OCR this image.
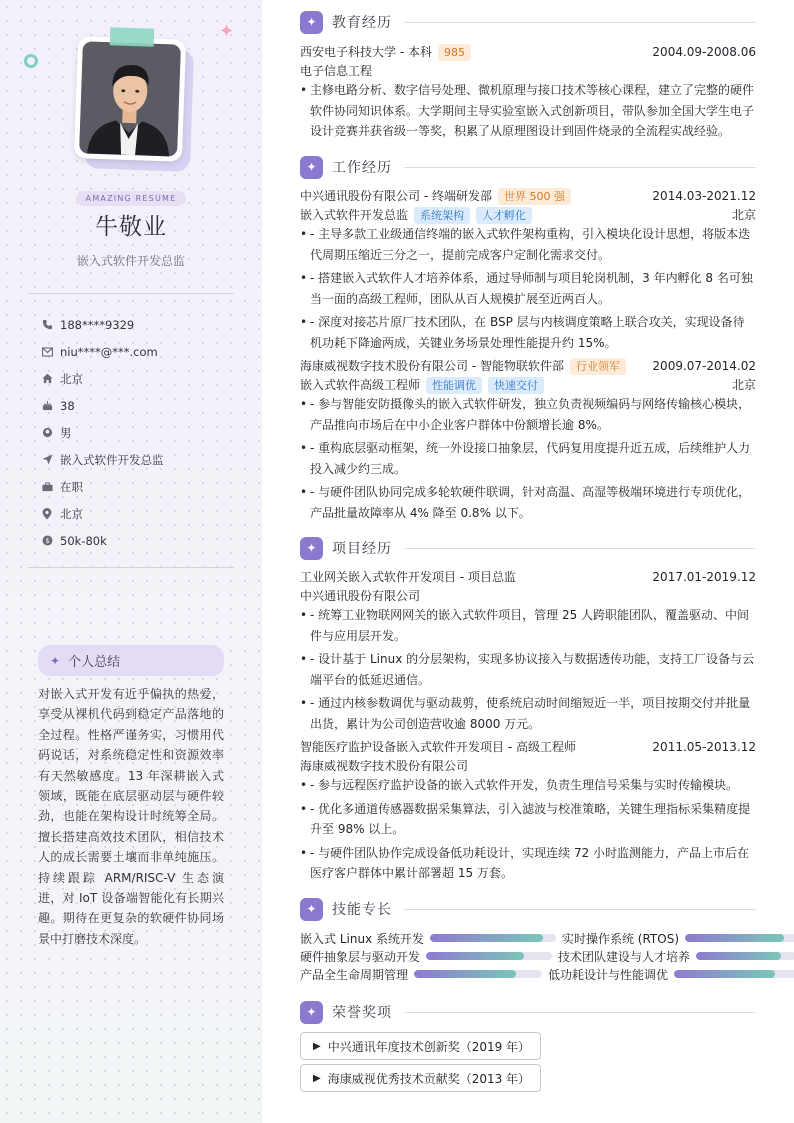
✦
AMAZING RESUME
牛敬业
嵌入式软件开发总监
188****9329
niu****@***.com
北京
38
男
嵌入式软件开发总监
在职
北京
$ 50k-80k
✦ 个人总结
对嵌入式开发有近乎偏执的热爱，享受从裸机代码到稳定产品落地的全过程。性格严谨务实，习惯用代码说话，对系统稳定性和资源效率有天然敏感度。13 年深耕嵌入式领域，既能在底层驱动层与硬件较劲，也能在架构设计时统筹全局。擅长搭建高效技术团队，相信技术人的成长需要土壤而非单纯施压。持续跟踪 ARM/RISC-V 生态演进，对 IoT 设备端智能化有长期兴趣。期待在更复杂的软硬件协同场景中打磨技术深度。
✦	教育经历
西安电子科技大学 - 本科 985	2004.09-2008.06
电子信息工程
• 主修电路分析、数字信号处理、微机原理与接口技术等核心课程，建立了完整的硬件软件协同知识体系。大学期间主导实验室嵌入式创新项目，带队参加全国大学生电子设计竞赛并获省级一等奖，积累了从原理图设计到固件烧录的全流程实战经验。
✦	工作经历
中兴通讯股份有限公司 - 终端研发部 世界 500 强	2014.03-2021.12
嵌入式软件开发总监 系统架构 人才孵化	北京
• - 主导多款工业级通信终端的嵌入式软件架构重构，引入模块化设计思想，将版本迭代周期压缩近三分之一，提前完成客户定制化需求交付。
• - 搭建嵌入式软件人才培养体系，通过导师制与项目轮岗机制，3 年内孵化 8 名可独当一面的高级工程师，团队从百人规模扩展至近两百人。
• - 深度对接芯片原厂技术团队，在 BSP 层与内核调度策略上联合攻关，实现设备待机功耗下降逾两成，关键业务场景处理性能提升约 15%。
海康威视数字技术股份有限公司 - 智能物联软件部 行业领军	2009.07-2014.02
嵌入式软件高级工程师 性能调优 快速交付	北京
• - 参与智能安防摄像头的嵌入式软件研发，独立负责视频编码与网络传输核心模块，产品推向市场后在中小企业客户群体中份额增长逾 8%。
• - 重构底层驱动框架，统一外设接口抽象层，代码复用度提升近五成，后续维护人力投入减少约三成。
• - 与硬件团队协同完成多轮软硬件联调，针对高温、高湿等极端环境进行专项优化，产品批量故障率从 4% 降至 0.8% 以下。
✦	项目经历
工业网关嵌入式软件开发项目 - 项目总监	2017.01-2019.12
中兴通讯股份有限公司
• - 统筹工业物联网网关的嵌入式软件项目，管理 25 人跨职能团队，覆盖驱动、中间件与应用层开发。
• - 设计基于 Linux 的分层架构，实现多协议接入与数据透传功能，支持工厂设备与云端平台的低延迟通信。
• - 通过内核参数调优与驱动裁剪，使系统启动时间缩短近一半，项目按期交付并批量出货，累计为公司创造营收逾 8000 万元。
智能医疗监护设备嵌入式软件开发项目 - 高级工程师	2011.05-2013.12
海康威视数字技术股份有限公司
• - 参与远程医疗监护设备的嵌入式软件开发，负责生理信号采集与实时传输模块。
• - 优化多通道传感器数据采集算法，引入滤波与校准策略，关键生理指标采集精度提升至 98% 以上。
• - 与硬件团队协作完成设备低功耗设计，实现连续 72 小时监测能力，产品上市后在医疗客户群体中累计部署超 15 万套。
✦	技能专长
嵌入式 Linux 系统开发	实时操作系统 (RTOS)
硬件抽象层与驱动开发	技术团队建设与人才培养
产品全生命周期管理	低功耗设计与性能调优
✦	荣誉奖项
▶ 中兴通讯年度技术创新奖（2019 年）
▶ 海康威视优秀技术贡献奖（2013 年）
